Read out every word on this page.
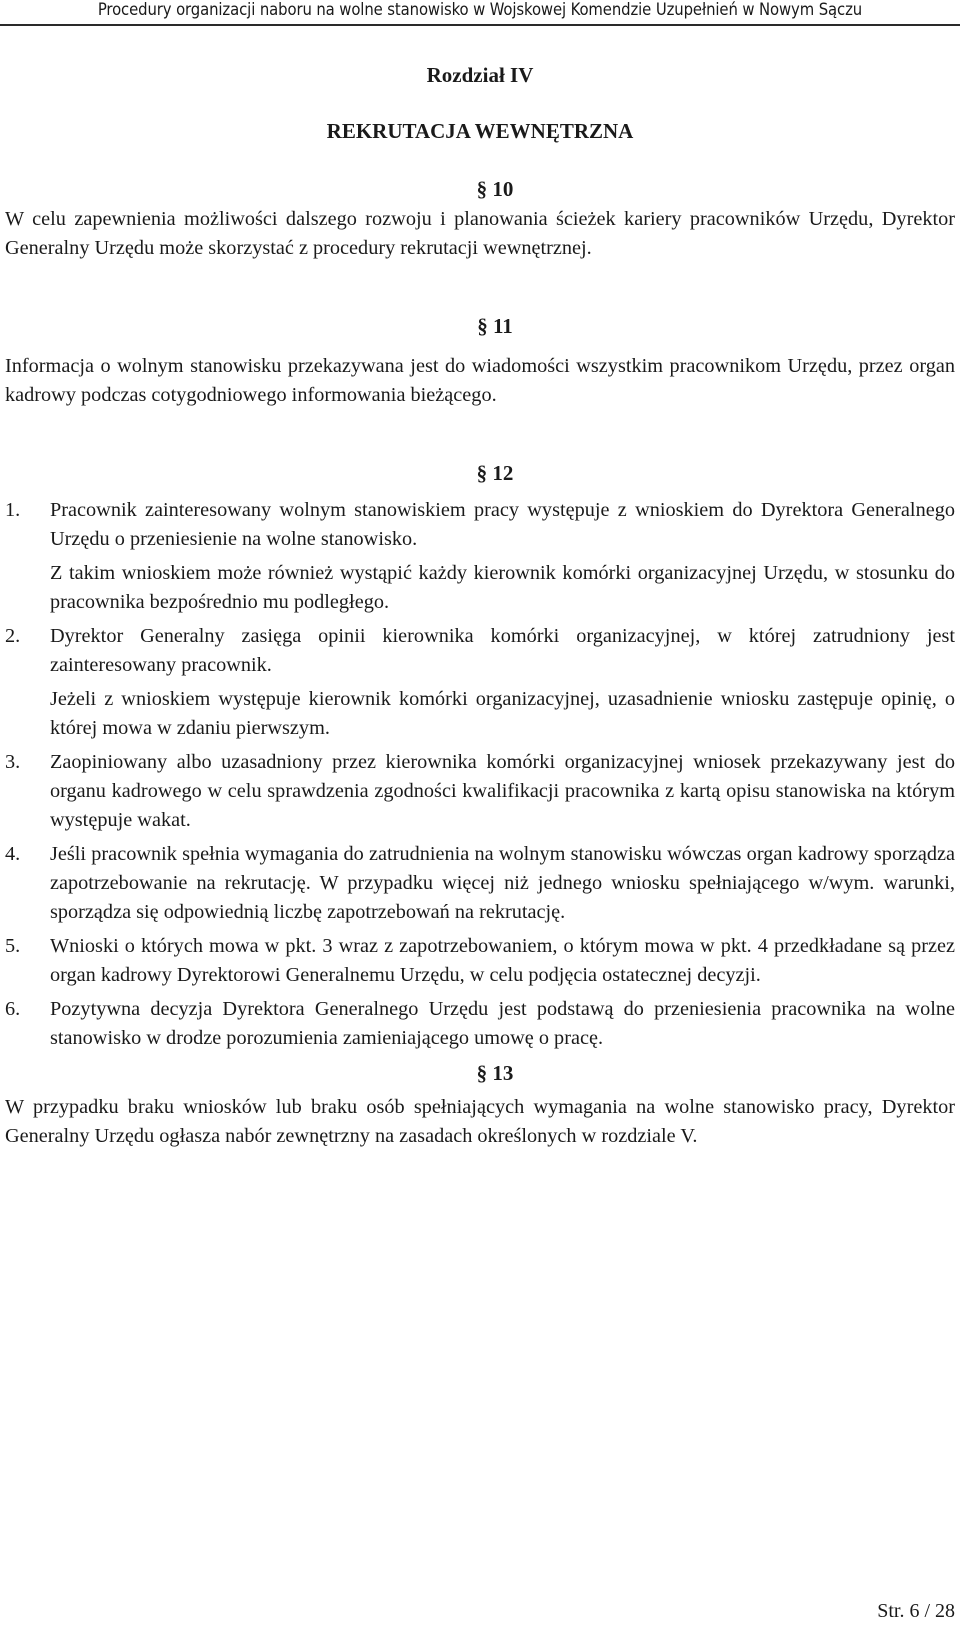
Procedury organizacji naboru na wolne stanowisko w Wojskowej Komendzie Uzupełnień w Nowym Sączu
Rozdział IV
REKRUTACJA WEWNĘTRZNA
§ 10

W celu zapewnienia możliwości dalszego rozwoju i planowania ścieżek kariery pracowników Urzędu, Dyrektor Generalny Urzędu może skorzystać z procedury rekrutacji wewnętrznej.

§ 11

Informacja o wolnym stanowisku przekazywana jest do wiadomości wszystkim pracownikom Urzędu, przez organ kadrowy podczas cotygodniowego informowania bieżącego.

§ 12
1.	Pracownik zainteresowany wolnym stanowiskiem pracy występuje z wnioskiem do Dyrektora Generalnego Urzędu o przeniesienie na wolne stanowisko.
Z takim wnioskiem może również wystąpić każdy kierownik komórki organizacyjnej Urzędu, w stosunku do pracownika bezpośrednio mu podległego.
2.	Dyrektor Generalny zasięga opinii kierownika komórki organizacyjnej, w której zatrudniony jest zainteresowany pracownik.
Jeżeli z wnioskiem występuje kierownik komórki organizacyjnej, uzasadnienie wniosku zastępuje opinię, o której mowa w zdaniu pierwszym.
3.	Zaopiniowany albo uzasadniony przez kierownika komórki organizacyjnej wniosek przekazywany jest do organu kadrowego w celu sprawdzenia zgodności kwalifikacji pracownika z kartą opisu stanowiska na którym występuje wakat.
4.	Jeśli pracownik spełnia wymagania do zatrudnienia na wolnym stanowisku wówczas organ kadrowy sporządza zapotrzebowanie na rekrutację. W przypadku więcej niż jednego wniosku spełniającego w/wym. warunki, sporządza się odpowiednią liczbę zapotrzebowań na rekrutację.
5.	Wnioski o których mowa w pkt. 3 wraz z zapotrzebowaniem, o którym mowa w pkt. 4 przedkładane są przez organ kadrowy Dyrektorowi Generalnemu Urzędu, w celu podjęcia ostatecznej decyzji.
6.	Pozytywna decyzja Dyrektora Generalnego Urzędu jest podstawą do przeniesienia pracownika na wolne stanowisko w drodze porozumienia zamieniającego umowę o pracę.
§ 13

W przypadku braku wniosków lub braku osób spełniających wymagania na wolne stanowisko pracy, Dyrektor Generalny Urzędu ogłasza nabór zewnętrzny na zasadach określonych w rozdziale V.

Str. 6 / 28
